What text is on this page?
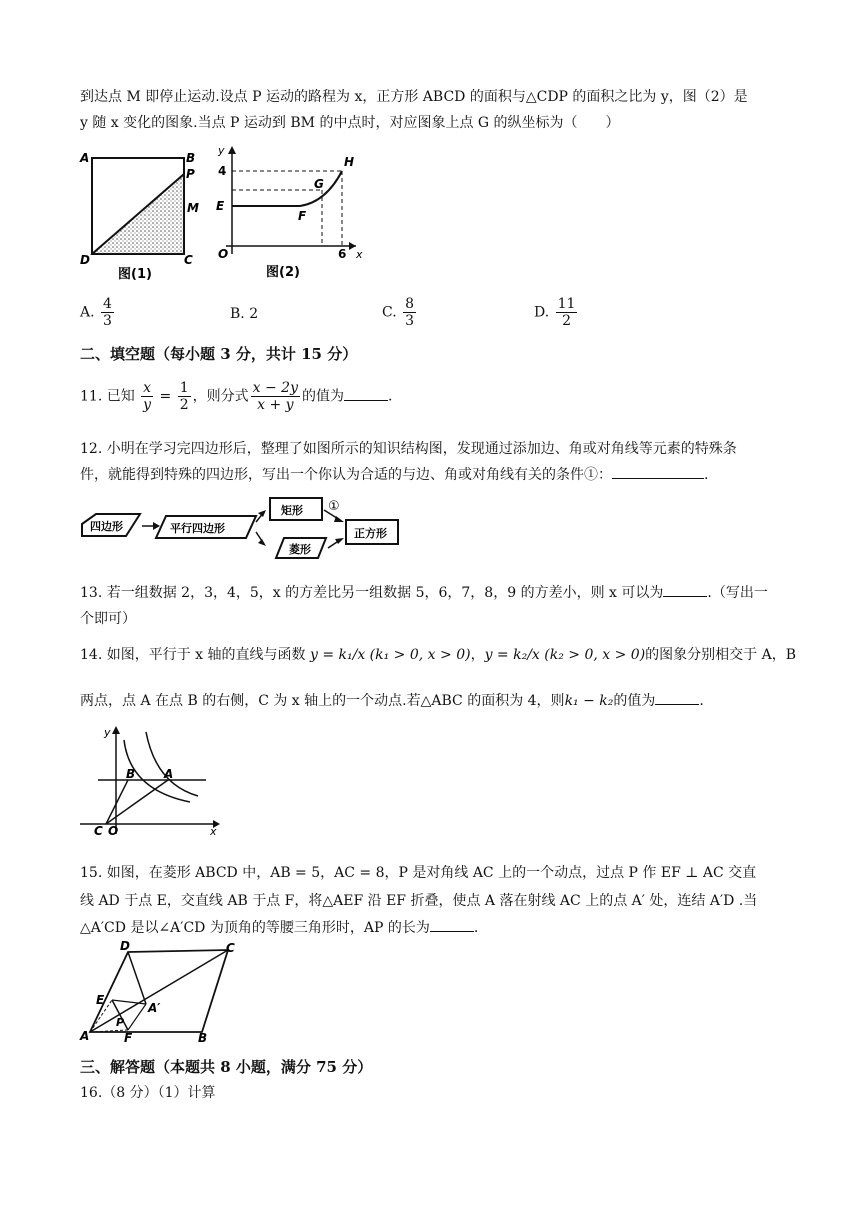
到达点 M 即停止运动.设点 P 运动的路程为 x，正方形 ABCD 的面积与△CDP 的面积之比为 y，图（2）是
y 随 x 变化的图象.当点 P 运动到 BM 的中点时，对应图象上点 G 的纵坐标为（　　）
A	B
P
M
D	C
图(1)
y
4
E
F
G
H
O	6 x
图(2)
A. $\frac{4}{3}$	B. 2	C. $\frac{8}{3}$	D. $\frac{11}{2}$
二、填空题（每小题 3 分，共计 15 分）
11. 已知 $\frac{x}{y} = \frac{1}{2}$ ，则分式 $\frac{x - 2y}{x + y}$ 的值为	.
12. 小明在学习完四边形后，整理了如图所示的知识结构图，发现通过添加边、角或对角线等元素的特殊条
件，就能得到特殊的四边形，写出一个你认为合适的与边、角或对角线有关的条件①：	.
四边形	平行四边形
矩形
菱形
正方形
①
13. 若一组数据 2，3，4，5，x 的方差比另一组数据 5，6，7，8，9 的方差小，则 x 可以为	.（写出一
个即可）
14. 如图，平行于 x 轴的直线与函数 y = k₁/x (k₁ > 0, x > 0)，y = k₂/x (k₂ > 0, x > 0)的图象分别相交于 A，B
两点，点 A 在点 B 的右侧，C 为 x 轴上的一个动点.若△ABC 的面积为 4，则k₁ − k₂的值为	.
y
B A
C O	x
15. 如图，在菱形 ABCD 中，AB = 5，AC = 8，P 是对角线 AC 上的一个动点，过点 P 作 EF ⊥ AC 交直
线 AD 于点 E，交直线 AB 于点 F，将△AEF 沿 EF 折叠，使点 A 落在射线 AC 上的点 A′ 处，连结 A′D .当
△A′CD 是以∠A′CD 为顶角的等腰三角形时，AP 的长为	.
D	C
E
A′
P
A	F	B
三、解答题（本题共 8 小题，满分 75 分）
16.（8 分）（1）计算
